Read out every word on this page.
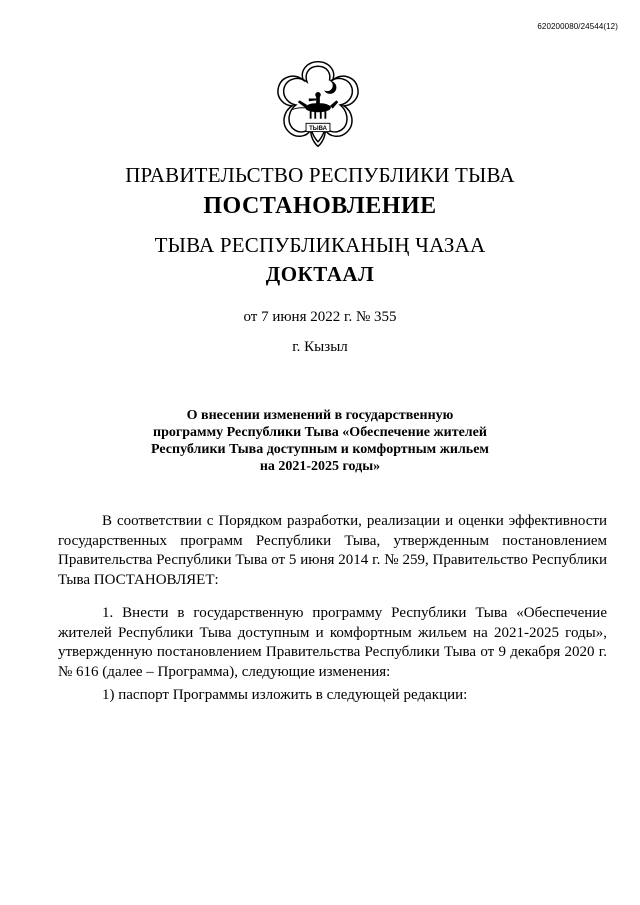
620200080/24544(12)
ТЫВА
ПРАВИТЕЛЬСТВО РЕСПУБЛИКИ ТЫВА
ПОСТАНОВЛЕНИЕ
ТЫВА РЕСПУБЛИКАНЫҢ ЧАЗАА
ДОКТААЛ
от 7 июня 2022 г. № 355
г. Кызыл
О внесении изменений в государственную программу Республики Тыва «Обеспечение жителей Республики Тыва доступным и комфортным жильем на 2021-2025 годы»

В соответствии с Порядком разработки, реализации и оценки эффективности государственных программ Республики Тыва, утвержденным постановлением Правительства Республики Тыва от 5 июня 2014 г. № 259, Правительство Республики Тыва ПОСТАНОВЛЯЕТ:

1. Внести в государственную программу Республики Тыва «Обеспечение жителей Республики Тыва доступным и комфортным жильем на 2021-2025 годы», утвержденную постановлением Правительства Республики Тыва от 9 декабря 2020 г. № 616 (далее – Программа), следующие изменения:

1) паспорт Программы изложить в следующей редакции:
